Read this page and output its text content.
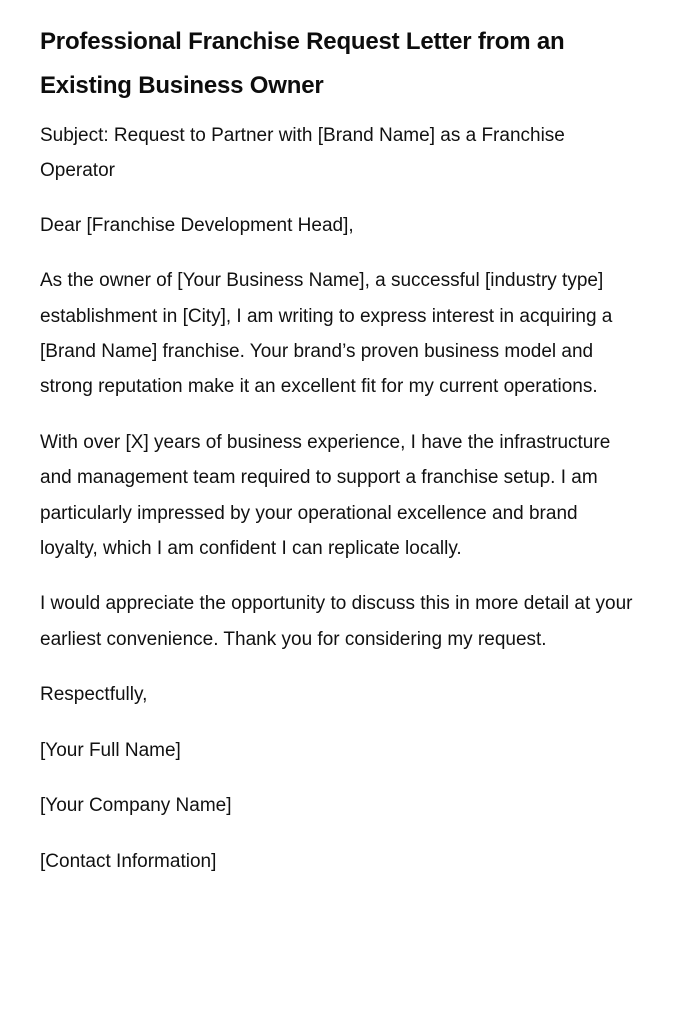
Professional Franchise Request Letter from an Existing Business Owner

Subject: Request to Partner with [Brand Name] as a Franchise Operator

Dear [Franchise Development Head],

As the owner of [Your Business Name], a successful [industry type] establishment in [City], I am writing to express interest in acquiring a [Brand Name] franchise. Your brand’s proven business model and strong reputation make it an excellent fit for my current operations.

With over [X] years of business experience, I have the infrastructure and management team required to support a franchise setup. I am particularly impressed by your operational excellence and brand loyalty, which I am confident I can replicate locally.

I would appreciate the opportunity to discuss this in more detail at your earliest convenience. Thank you for considering my request.

Respectfully,

[Your Full Name]

[Your Company Name]

[Contact Information]
